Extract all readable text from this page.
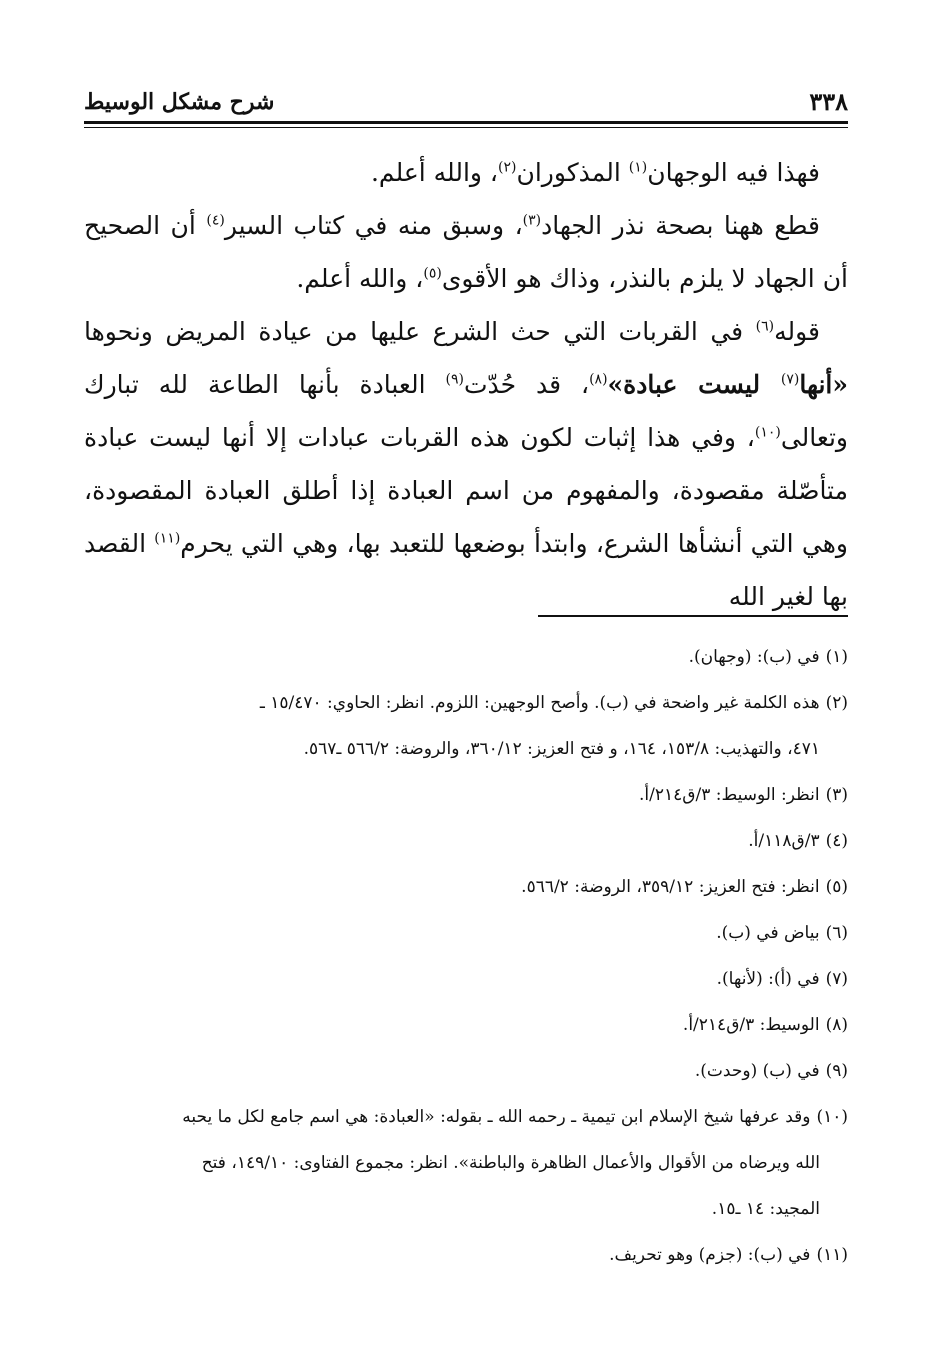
٣٣٨
شرح مشكل الوسيط

فهذا فيه الوجهان$^{(١)}$ المذكوران$^{(٢)}$، والله أعلم.

قطع ههنا بصحة نذر الجهاد$^{(٣)}$، وسبق منه في كتاب السير$^{(٤)}$ أن الصحيح أن الجهاد لا يلزم بالنذر، وذاك هو الأقوى$^{(٥)}$، والله أعلم.

قوله$^{(٦)}$ في القربات التي حث الشرع عليها من عيادة المريض ونحوها «أنها$^{(٧)}$ ليست عبادة»$^{(٨)}$، قد حُدّت$^{(٩)}$ العبادة بأنها الطاعة لله تبارك وتعالى$^{(١٠)}$، وفي هذا إثبات لكون هذه القربات عبادات إلا أنها ليست عبادة متأصّلة مقصودة، والمفهوم من اسم العبادة إذا أطلق العبادة المقصودة، وهي التي أنشأها الشرع، وابتدأ بوضعها للتعبد بها، وهي التي يحرم$^{(١١)}$ القصد بها لغير الله

(١)في (ب): (وجهان).

(٢)هذه الكلمة غير واضحة في (ب). وأصح الوجهين: اللزوم. انظر: الحاوي: ١٥/٤٧٠ ـ
٤٧١، والتهذيب: ١٥٣/٨، ١٦٤، و فتح العزيز: ٣٦٠/١٢، والروضة: ٥٦٦/٢ ـ٥٦٧.

(٣)انظر: الوسيط: ٣/ق٢١٤/أ.

(٤)٣/ق١١٨/أ.

(٥)انظر: فتح العزيز: ٣٥٩/١٢، الروضة: ٥٦٦/٢.

(٦)بياض في (ب).

(٧)في (أ): (لأنها).

(٨)الوسيط: ٣/ق٢١٤/أ.

(٩)في (ب) (وحدت).

(١٠)وقد عرفها شيخ الإسلام ابن تيمية ـ رحمه الله ـ بقوله: «العبادة: هي اسم جامع لكل ما يحبه
الله ويرضاه من الأقوال والأعمال الظاهرة والباطنة». انظر: مجموع الفتاوى: ١٤٩/١٠، فتح
المجيد: ١٤ ـ١٥.

(١١)في (ب): (جزم) وهو تحريف.
